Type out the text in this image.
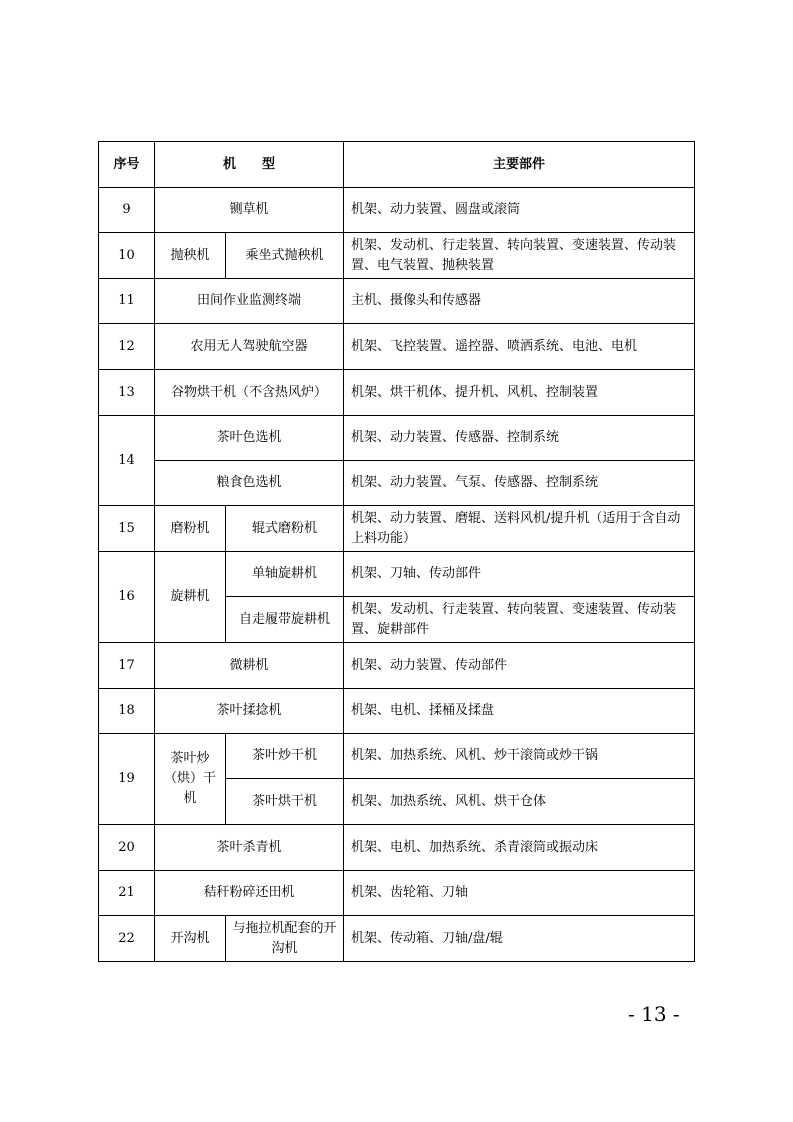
序号	机　　型		主要部件
9	铡草机		机架、动力装置、圆盘或滚筒
10	抛秧机	乘坐式抛秧机	机架、发动机、行走装置、转向装置、变速装置、传动装置、电气装置、抛秧装置
11	田间作业监测终端		主机、摄像头和传感器
12	农用无人驾驶航空器		机架、飞控装置、遥控器、喷洒系统、电池、电机
13	谷物烘干机（不含热风炉）		机架、烘干机体、提升机、风机、控制装置
14	茶叶色选机		机架、动力装置、传感器、控制系统
	粮食色选机		机架、动力装置、气泵、传感器、控制系统
15	磨粉机	辊式磨粉机	机架、动力装置、磨辊、送料风机/提升机（适用于含自动上料功能）
16	旋耕机	单轴旋耕机	机架、刀轴、传动部件
		自走履带旋耕机	机架、发动机、行走装置、转向装置、变速装置、传动装置、旋耕部件
17	微耕机		机架、动力装置、传动部件
18	茶叶揉捻机		机架、电机、揉桶及揉盘
19	茶叶炒（烘）干机	茶叶炒干机	机架、加热系统、风机、炒干滚筒或炒干锅
		茶叶烘干机	机架、加热系统、风机、烘干仓体
20	茶叶杀青机		机架、电机、加热系统、杀青滚筒或振动床
21	秸秆粉碎还田机		机架、齿轮箱、刀轴
22	开沟机	与拖拉机配套的开沟机	机架、传动箱、刀轴/盘/辊
- 13 -
